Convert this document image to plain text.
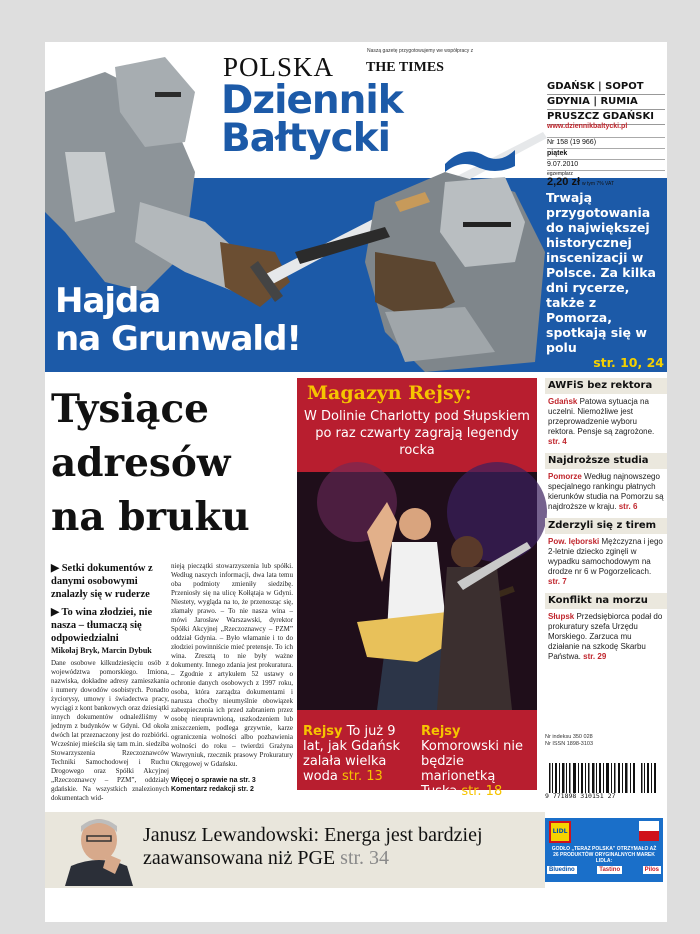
Naszą gazetę przygotowujemy we współpracy z
POLSKA THE TIMES
Dziennik
Bałtycki
GDAŃSK | SOPOT
GDYNIA | RUMIA
PRUSZCZ GDAŃSKI
www.dziennikbaltycki.pl
Nr 158 (19 966)
piątek
9.07.2010
egzemplarz
2,20 zł w tym 7% VAT
Hajda
na Grunwald!
Trwają przygotowania do największej historycznej inscenizacji w Polsce. Za kilka dni rycerze, także z Pomorza, spotkają się w polu
str. 10, 24
Tysiące adresów na bruku

▶ Setki dokumentów z danymi osobowymi znalazły się w ruderze

▶ To wina złodziei, nie nasza – tłumaczą się odpowiedzialni

Mikołaj Bryk, Marcin Dybuk
Dane osobowe kilkudziesięciu osób z województwa pomorskiego. Imiona, nazwiska, dokładne adresy zamieszkania i numery dowodów osobistych. Ponadto życiorysy, umowy i świadectwa pracy, wyciągi z kont bankowych oraz dziesiątki innych dokumentów odnaleźliśmy w jednym z budynków w Gdyni. Od okoła dwóch lat przeznaczony jest do rozbiórki. Wcześniej mieściła się tam m.in. siedziba Stowarzyszenia Rzeczoznawców Techniki Samochodowej i Ruchu Drogowego oraz Spółki Akcyjnej „Rzeczoznawcy – PZM”, oddziały gdańskie. Na wszystkich znalezionych dokumentach wid-
nieją pieczątki stowarzyszenia lub spółki. Według naszych informacji, dwa lata temu oba podmioty zmieniły siedzibę. Przeniosły się na ulicę Kołłątaja w Gdyni. Niestety, wygląda na to, że przenosząc się, złamały prawo. – To nie nasza wina – mówi Jarosław Warszawski, dyrektor Spółki Akcyjnej „Rzeczoznawcy – PZM” oddział Gdynia. – Było włamanie i to do złodziei powinniście mieć pretensje. To ich wina. Zresztą to nie były ważne dokumenty. Innego zdania jest prokuratura. – Zgodnie z artykułem 52 ustawy o ochronie danych osobowych z 1997 roku, osoba, która zarządza dokumentami i narusza choćby nieumyślnie obowiązek zabezpieczenia ich przed zabraniem przez osobę nieuprawnioną, uszkodzeniem lub zniszczeniem, podlega grzywnie, karze ograniczenia wolności albo pozbawienia wolności do roku – twierdzi Grażyna Wawryniuk, rzecznik prasowy Prokuratury Okręgowej w Gdańsku.
Więcej o sprawie na str. 3
Komentarz redakcji str. 2
Magazyn Rejsy:
W Dolinie Charlotty pod Słupskiem po raz czwarty zagrają legendy rocka
Rejsy To już 9 lat, jak Gdańsk zalała wielka woda str. 13
Rejsy Komorowski nie będzie marionetką Tuska str. 18
AWFiS bez rektora

Gdańsk Patowa sytuacja na uczelni. Niemożliwe jest przeprowadzenie wyboru rektora. Pensje są zagrożone. str. 4

Najdroższe studia

Pomorze Według najnowszego specjalnego rankingu płatnych kierunków studia na Pomorzu są najdroższe w kraju. str. 6

Zderzyli się z tirem

Pow. lęborski Mężczyzna i jego 2-letnie dziecko zginęli w wypadku samochodowym na drodze nr 6 w Pogorzelicach. str. 7

Konflikt na morzu

Słupsk Przedsiębiorca podał do prokuratury szefa Urzędu Morskiego. Zarzuca mu działanie na szkodę Skarbu Państwa. str. 29

Nr indeksu 350 028
Nr ISSN 1898-3103
9 771898 310151 27
LIDL
GODŁO „TERAZ POLSKA” OTRZYMAŁO AŻ 26 PRODUKTÓW ORYGINALNYCH MAREK LIDLA:
Bluedino	Tastino	Pilos
Janusz Lewandowski: Energa jest bardziej zaawansowana niż PGE str. 34
